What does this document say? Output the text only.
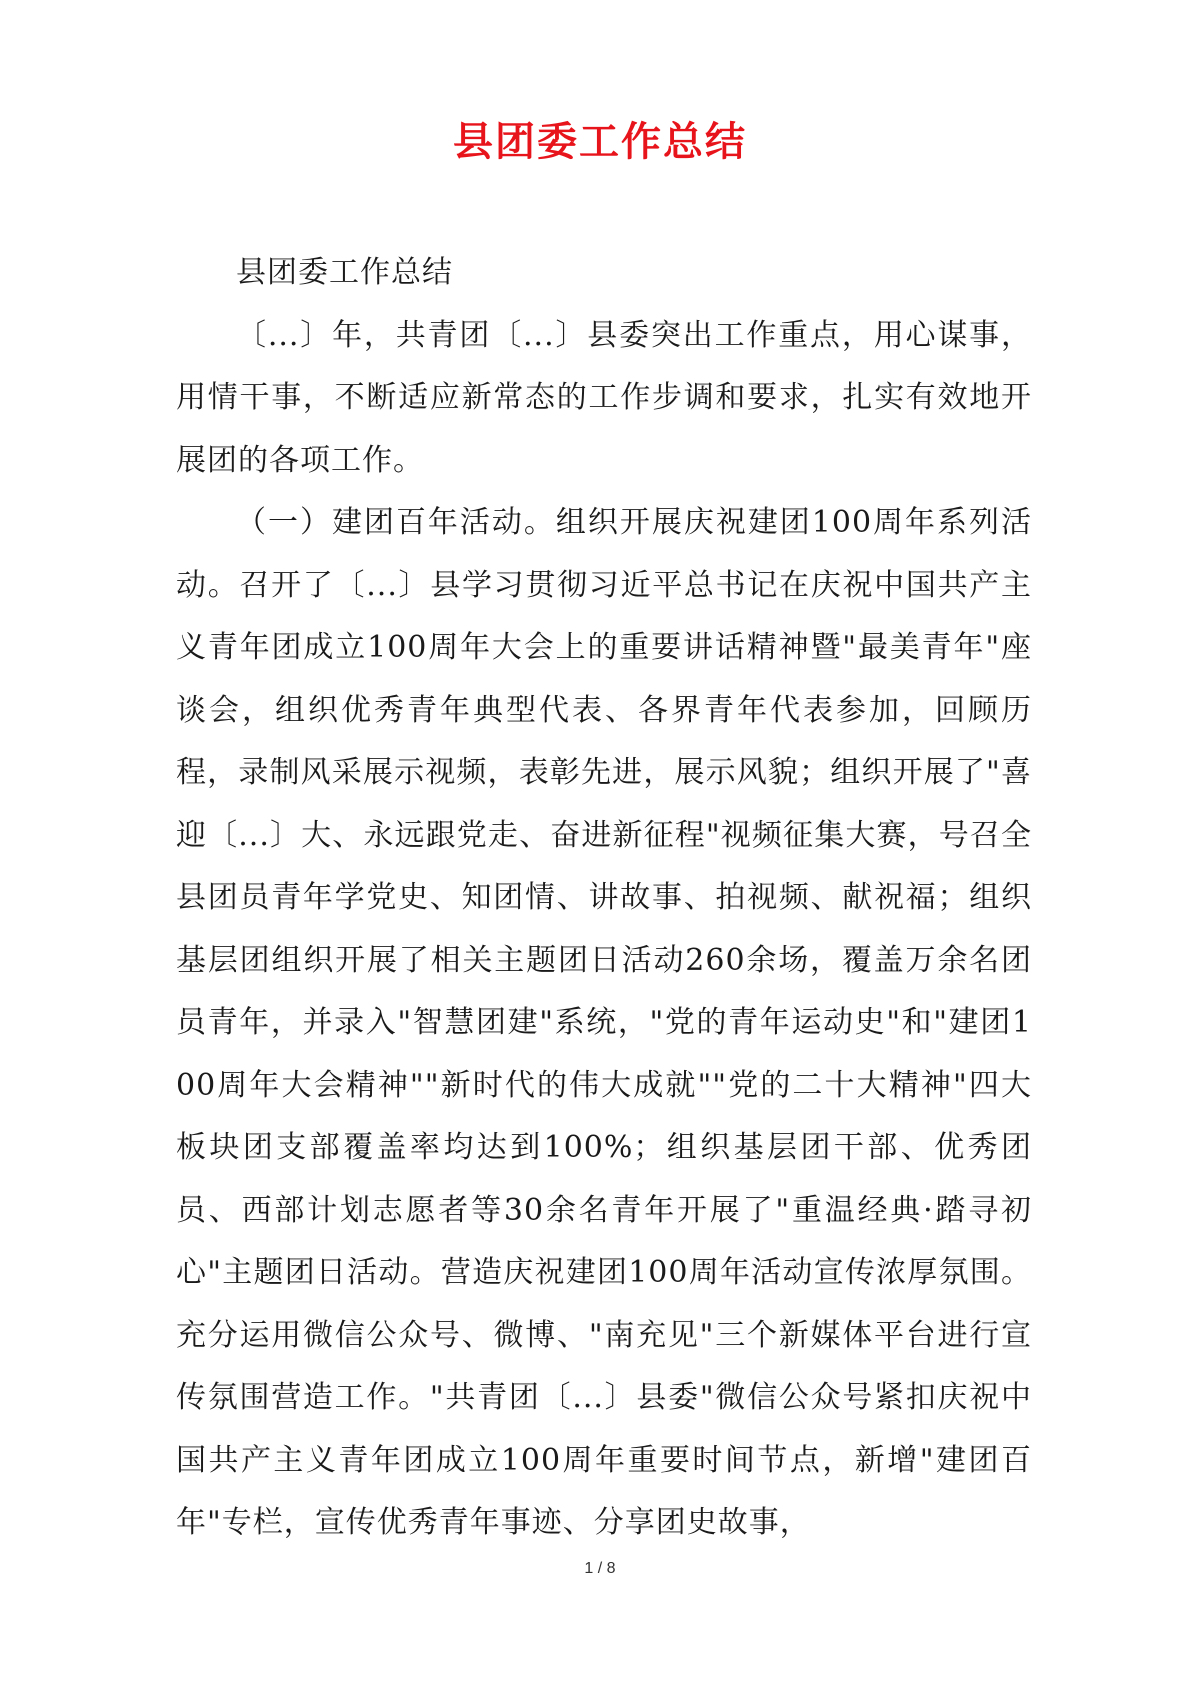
县团委工作总结

县团委工作总结

〔...〕年，共青团〔...〕县委突出工作重点，用心谋事，用情干事，不断适应新常态的工作步调和要求，扎实有效地开展团的各项工作。

（一）建团百年活动。组织开展庆祝建团100周年系列活动。召开了〔...〕县学习贯彻习近平总书记在庆祝中国共产主义青年团成立100周年大会上的重要讲话精神暨"最美青年"座谈会，组织优秀青年典型代表、各界青年代表参加，回顾历程，录制风采展示视频，表彰先进，展示风貌；组织开展了"喜迎〔...〕大、永远跟党走、奋进新征程"视频征集大赛，号召全县团员青年学党史、知团情、讲故事、拍视频、献祝福；组织基层团组织开展了相关主题团日活动260余场，覆盖万余名团员青年，并录入"智慧团建"系统，"党的青年运动史"和"建团100周年大会精神""新时代的伟大成就""党的二十大精神"四大板块团支部覆盖率均达到100%；组织基层团干部、优秀团员、西部计划志愿者等30余名青年开展了"重温经典·踏寻初心"主题团日活动。营造庆祝建团100周年活动宣传浓厚氛围。充分运用微信公众号、微博、"南充见"三个新媒体平台进行宣传氛围营造工作。"共青团〔...〕县委"微信公众号紧扣庆祝中国共产主义青年团成立100周年重要时间节点，新增"建团百年"专栏，宣传优秀青年事迹、分享团史故事，

1 / 8
